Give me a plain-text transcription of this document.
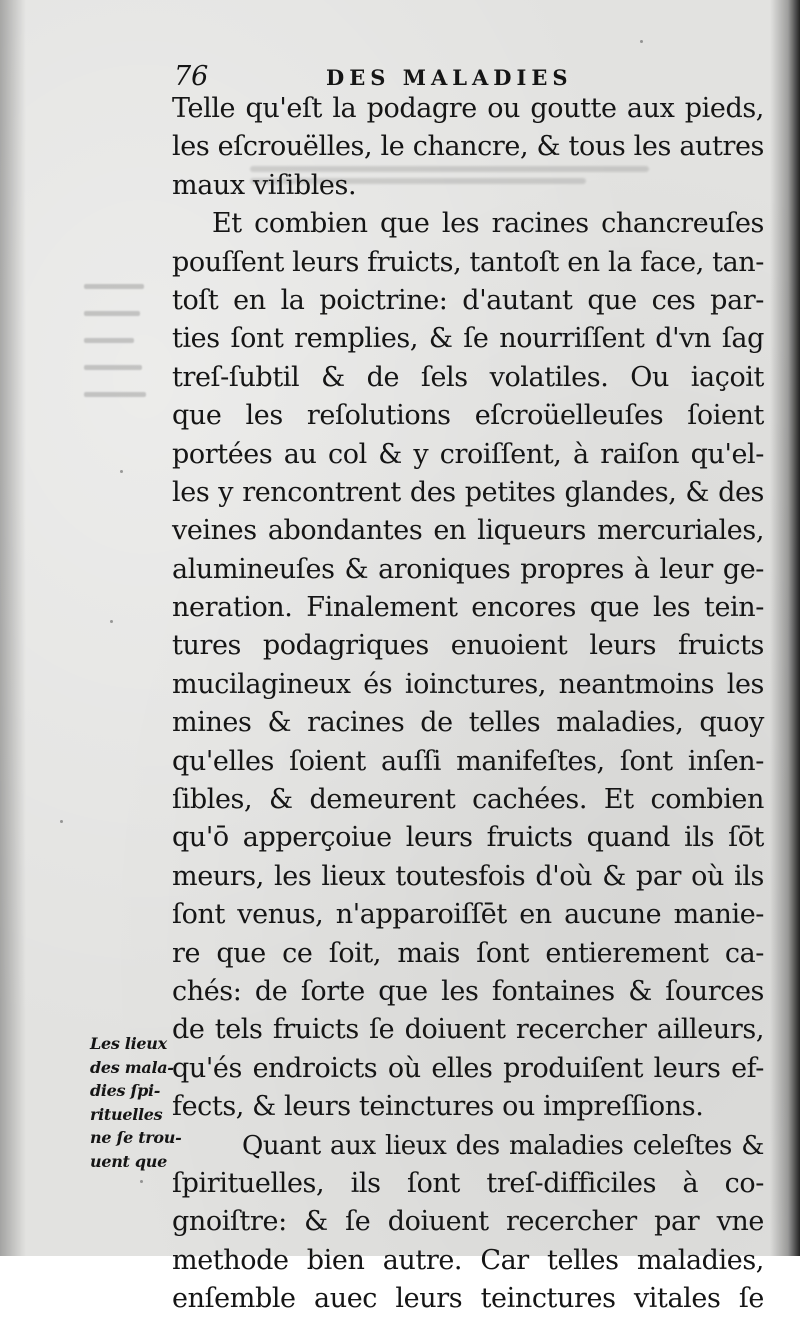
76	DES MALADIES
Telle qu'eſt la podagre ou goutte aux pieds,
les eſcrouëlles, le chancre, & tous les autres
maux viſibles.
Et combien que les racines chancreuſes
pouſſent leurs fruicts, tantoſt en la face, tan-
toſt en la poictrine: d'autant que ces par-
ties ſont remplies, & ſe nourriſſent d'vn ſag
treſ-ſubtil & de ſels volatiles. Ou iaçoit
que les reſolutions eſcroüelleuſes ſoient
portées au col & y croiſſent, à raiſon qu'el-
les y rencontrent des petites glandes, & des
veines abondantes en liqueurs mercuriales,
alumineuſes & aroniques propres à leur ge-
neration. Finalement encores que les tein-
tures podagriques enuoient leurs fruicts
mucilagineux és ioinctures, neantmoins les
mines & racines de telles maladies, quoy
qu'elles ſoient auſſi manifeſtes, ſont inſen-
ſibles, & demeurent cachées. Et combien
qu'ō apperçoiue leurs fruicts quand ils ſōt
meurs, les lieux toutesfois d'où & par où ils
ſont venus, n'apparoiſſēt en aucune manie-
re que ce ſoit, mais ſont entierement ca-
chés: de ſorte que les fontaines & ſources
de tels fruicts ſe doiuent recercher ailleurs,
qu'és endroicts où elles produiſent leurs ef-
fects, & leurs teinctures ou impreſſions.
Quant aux lieux des maladies celeſtes &
ſpirituelles, ils ſont treſ-difficiles à co-
gnoiſtre: & ſe doiuent recercher par vne
methode bien autre. Car telles maladies,
enſemble auec leurs teinctures vitales ſe
Les lieux
des mala-
dies ſpi-
rituelles
ne ſe trou-
uent que
